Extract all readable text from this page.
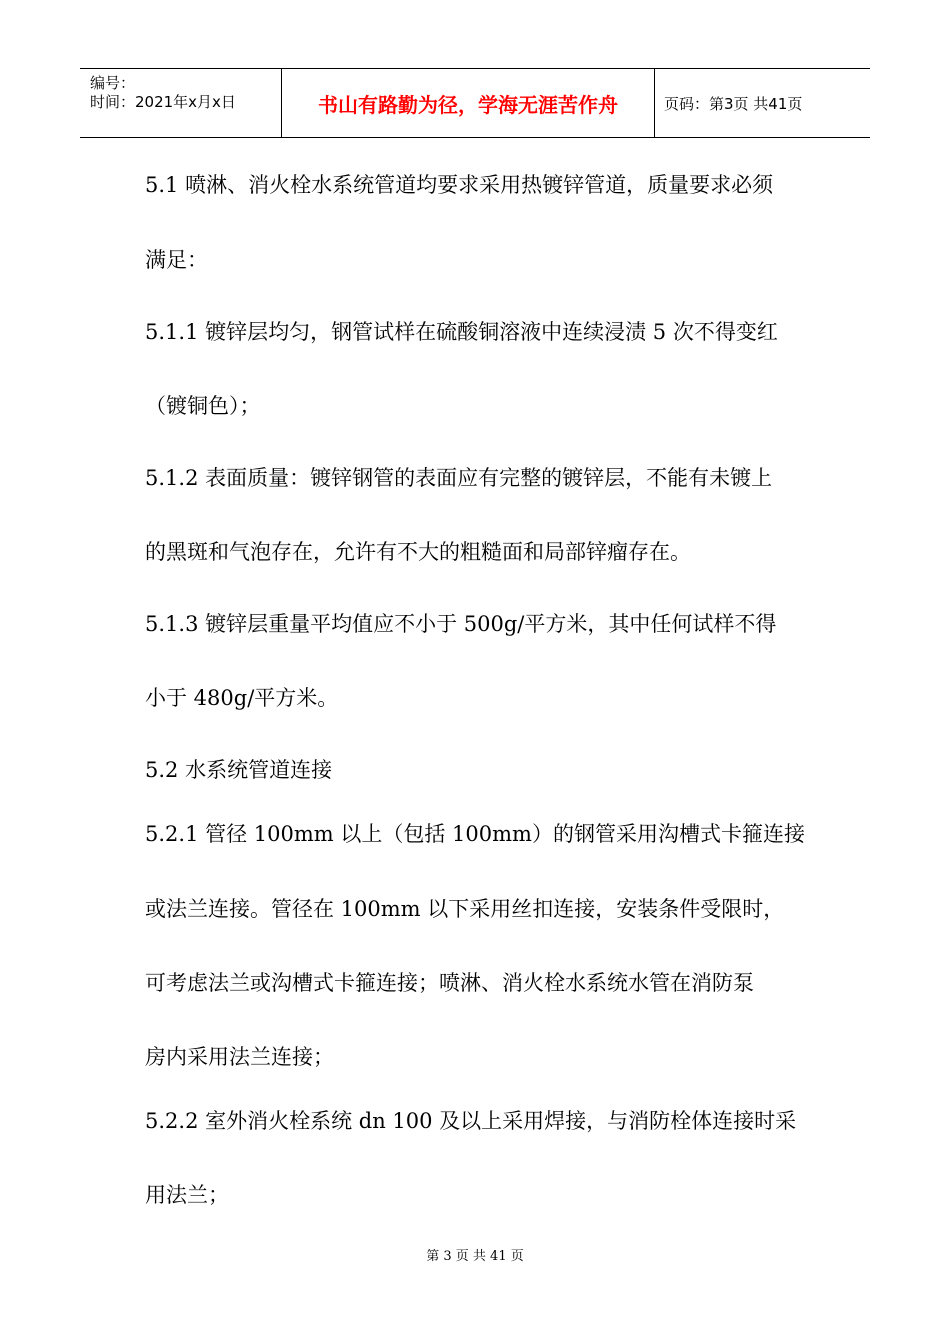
编号：
时间：2021年x月x日	书山有路勤为径，学海无涯苦作舟	页码：第3页 共41页
5.1 喷淋、消火栓水系统管道均要求采用热镀锌管道，质量要求必须
满足：
5.1.1 镀锌层均匀，钢管试样在硫酸铜溶液中连续浸渍 5 次不得变红
（镀铜色）；
5.1.2 表面质量：镀锌钢管的表面应有完整的镀锌层，不能有未镀上
的黑斑和气泡存在，允许有不大的粗糙面和局部锌瘤存在。
5.1.3 镀锌层重量平均值应不小于 500g/平方米，其中任何试样不得
小于 480g/平方米。
5.2 水系统管道连接
5.2.1 管径 100mm 以上（包括 100mm）的钢管采用沟槽式卡箍连接
或法兰连接。管径在 100mm 以下采用丝扣连接，安装条件受限时，
可考虑法兰或沟槽式卡箍连接；喷淋、消火栓水系统水管在消防泵
房内采用法兰连接；
5.2.2 室外消火栓系统 dn 100 及以上采用焊接，与消防栓体连接时采
用法兰；
第 3 页 共 41 页
